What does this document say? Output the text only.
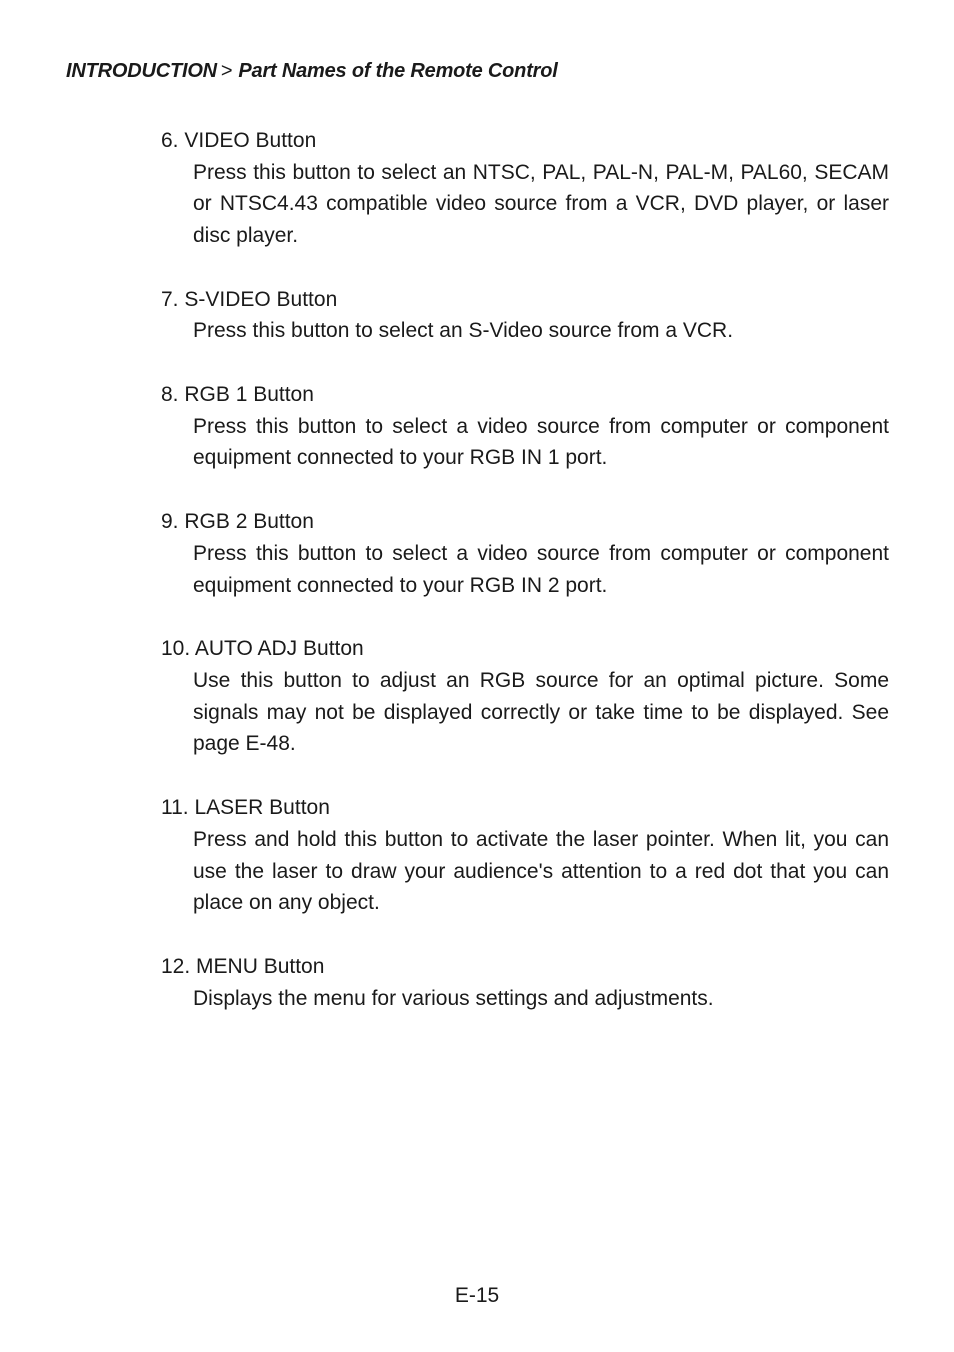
INTRODUCTION > Part Names of the Remote Control
6. VIDEO Button
Press this button to select an NTSC, PAL, PAL-N, PAL-M, PAL60, SECAM or NTSC4.43 compatible video source from a VCR, DVD player, or laser disc player.
7. S-VIDEO Button
Press this button to select an S-Video source from a VCR.
8. RGB 1 Button
Press this button to select a video source from computer or component equipment connected to your RGB IN 1 port.
9. RGB 2 Button
Press this button to select a video source from computer or component equipment connected to your RGB IN 2 port.
10. AUTO ADJ Button
Use this button to adjust an RGB source for an optimal picture. Some signals may not be displayed correctly or take time to be displayed. See page E-48.
11. LASER Button
Press and hold this button to activate the laser pointer. When lit, you can use the laser to draw your audience's attention to a red dot that you can place on any object.
12. MENU Button
Displays the menu for various settings and adjustments.
E-15
